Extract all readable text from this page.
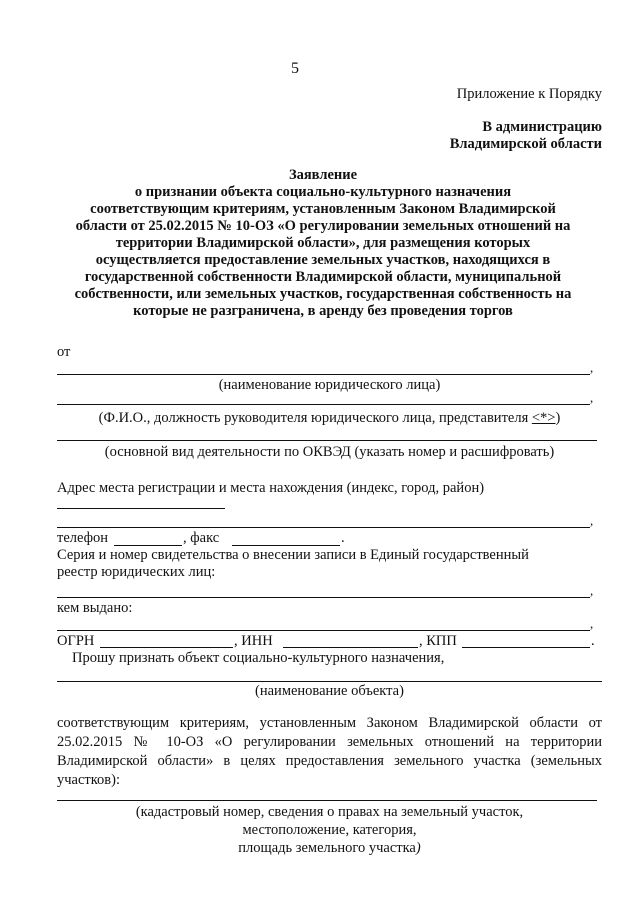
5
Приложение к Порядку
В администрацию
Владимирской области
Заявление
о признании объекта социально-культурного назначения
соответствующим критериям, установленным Законом Владимирской
области от 25.02.2015 № 10-ОЗ «О регулировании земельных отношений на
территории Владимирской области», для размещения которых
осуществляется предоставление земельных участков, находящихся в
государственной собственности Владимирской области, муниципальной
собственности, или земельных участков, государственная собственность на
которые не разграничена, в аренду без проведения торгов
от
,
(наименование юридического лица)
,
(Ф.И.О., должность руководителя юридического лица, представителя <*>)
(основной вид деятельности по ОКВЭД (указать номер и расшифровать)
Адрес места регистрации и места нахождения (индекс, город, район)
,
телефон	, факс	.
Серия и номер свидетельства о внесении записи в Единый государственный
реестр юридических лиц:
,
кем выдано:
,
ОГРН	, ИНН	, КПП	.
Прошу признать объект социально-культурного назначения,
(наименование объекта)
соответствующим критериям, установленным Законом Владимирской области от
25.02.2015 № 10-ОЗ «О регулировании земельных отношений на территории
Владимирской области» в целях предоставления земельного участка (земельных
участков):
(кадастровый номер, сведения о правах на земельный участок,
местоположение, категория,
площадь земельного участка)
